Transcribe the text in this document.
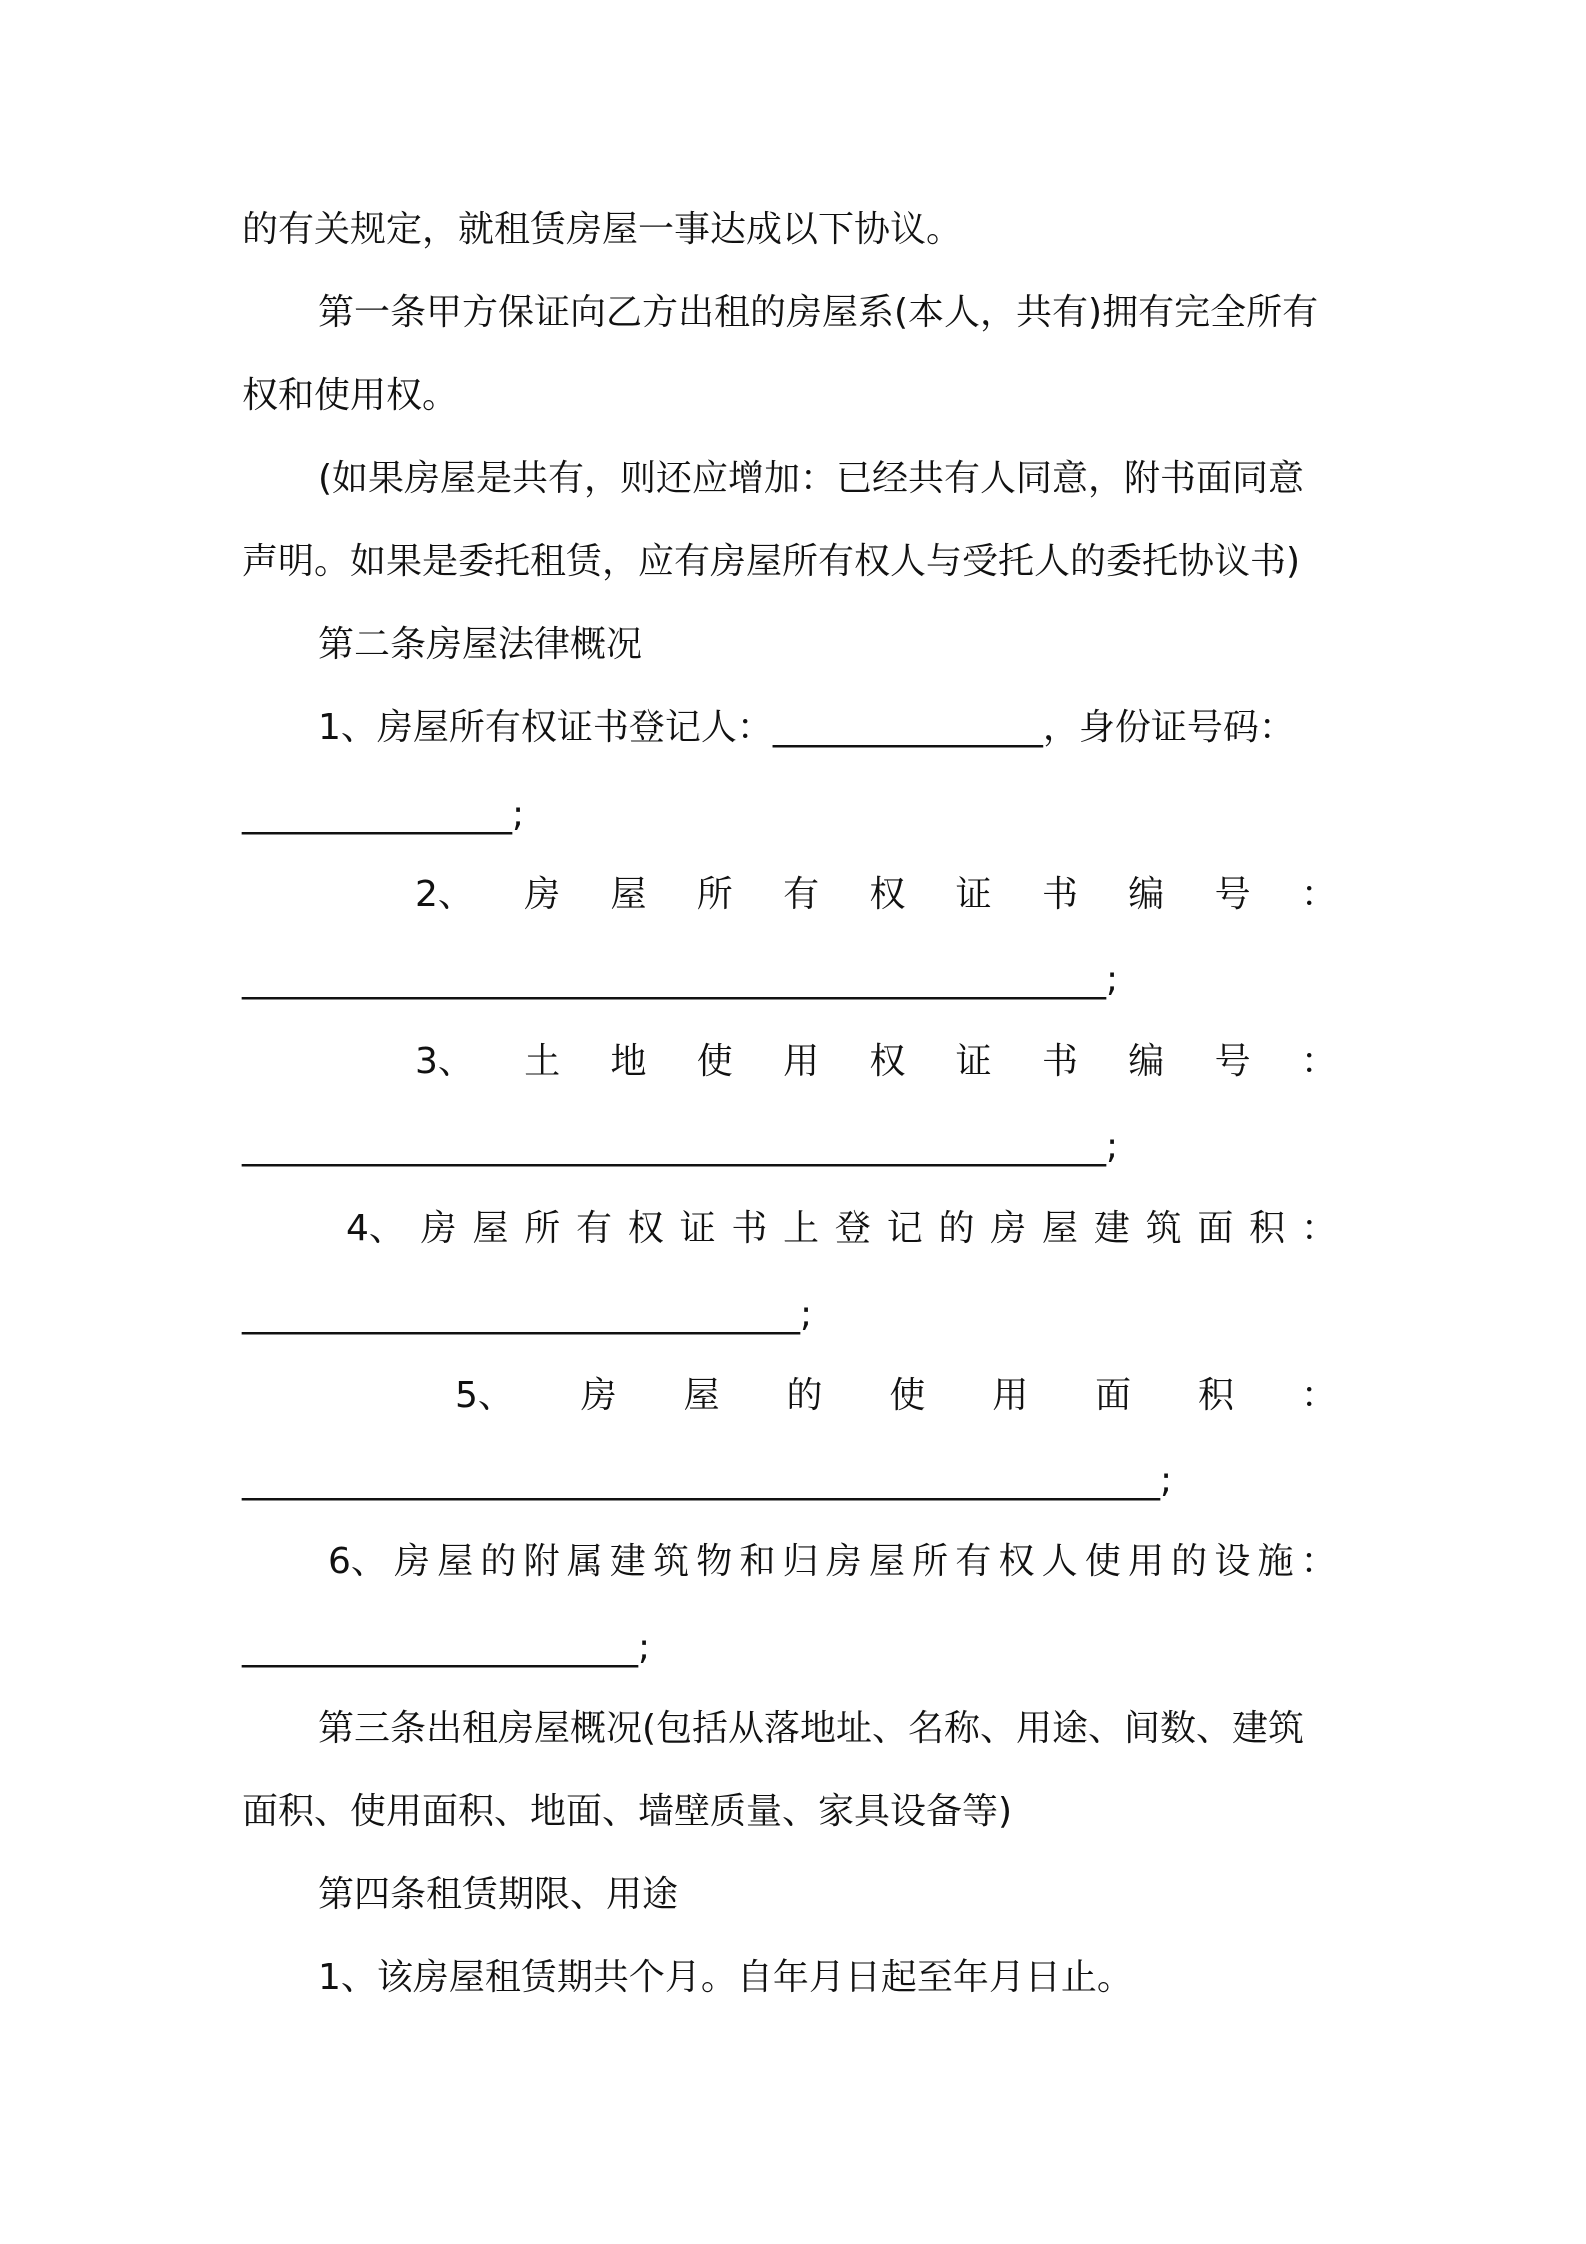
的有关规定，就租赁房屋一事达成以下协议。
第一条甲方保证向乙方出租的房屋系(本人，共有)拥有完全所有
权和使用权。
(如果房屋是共有，则还应增加：已经共有人同意，附书面同意
声明。如果是委托租赁，应有房屋所有权人与受托人的委托协议书)
第二条房屋法律概况
1、房屋所有权证书登记人：_______________，身份证号码：
_______________;
2、 房 屋 所 有 权 证 书 编 号 ：
________________________________________________;
3、 土 地 使 用 权 证 书 编 号 ：
________________________________________________;
4、 房 屋 所 有 权 证 书 上 登 记 的 房 屋 建 筑 面 积 ：
_______________________________;
5、 房 屋 的 使 用 面 积 ：
___________________________________________________;
6、 房 屋 的 附 属 建 筑 物 和 归 房 屋 所 有 权 人 使 用 的 设 施 ：
______________________;
第三条出租房屋概况(包括从落地址、名称、用途、间数、建筑
面积、使用面积、地面、墙壁质量、家具设备等)
第四条租赁期限、用途
1、该房屋租赁期共个月。自年月日起至年月日止。
